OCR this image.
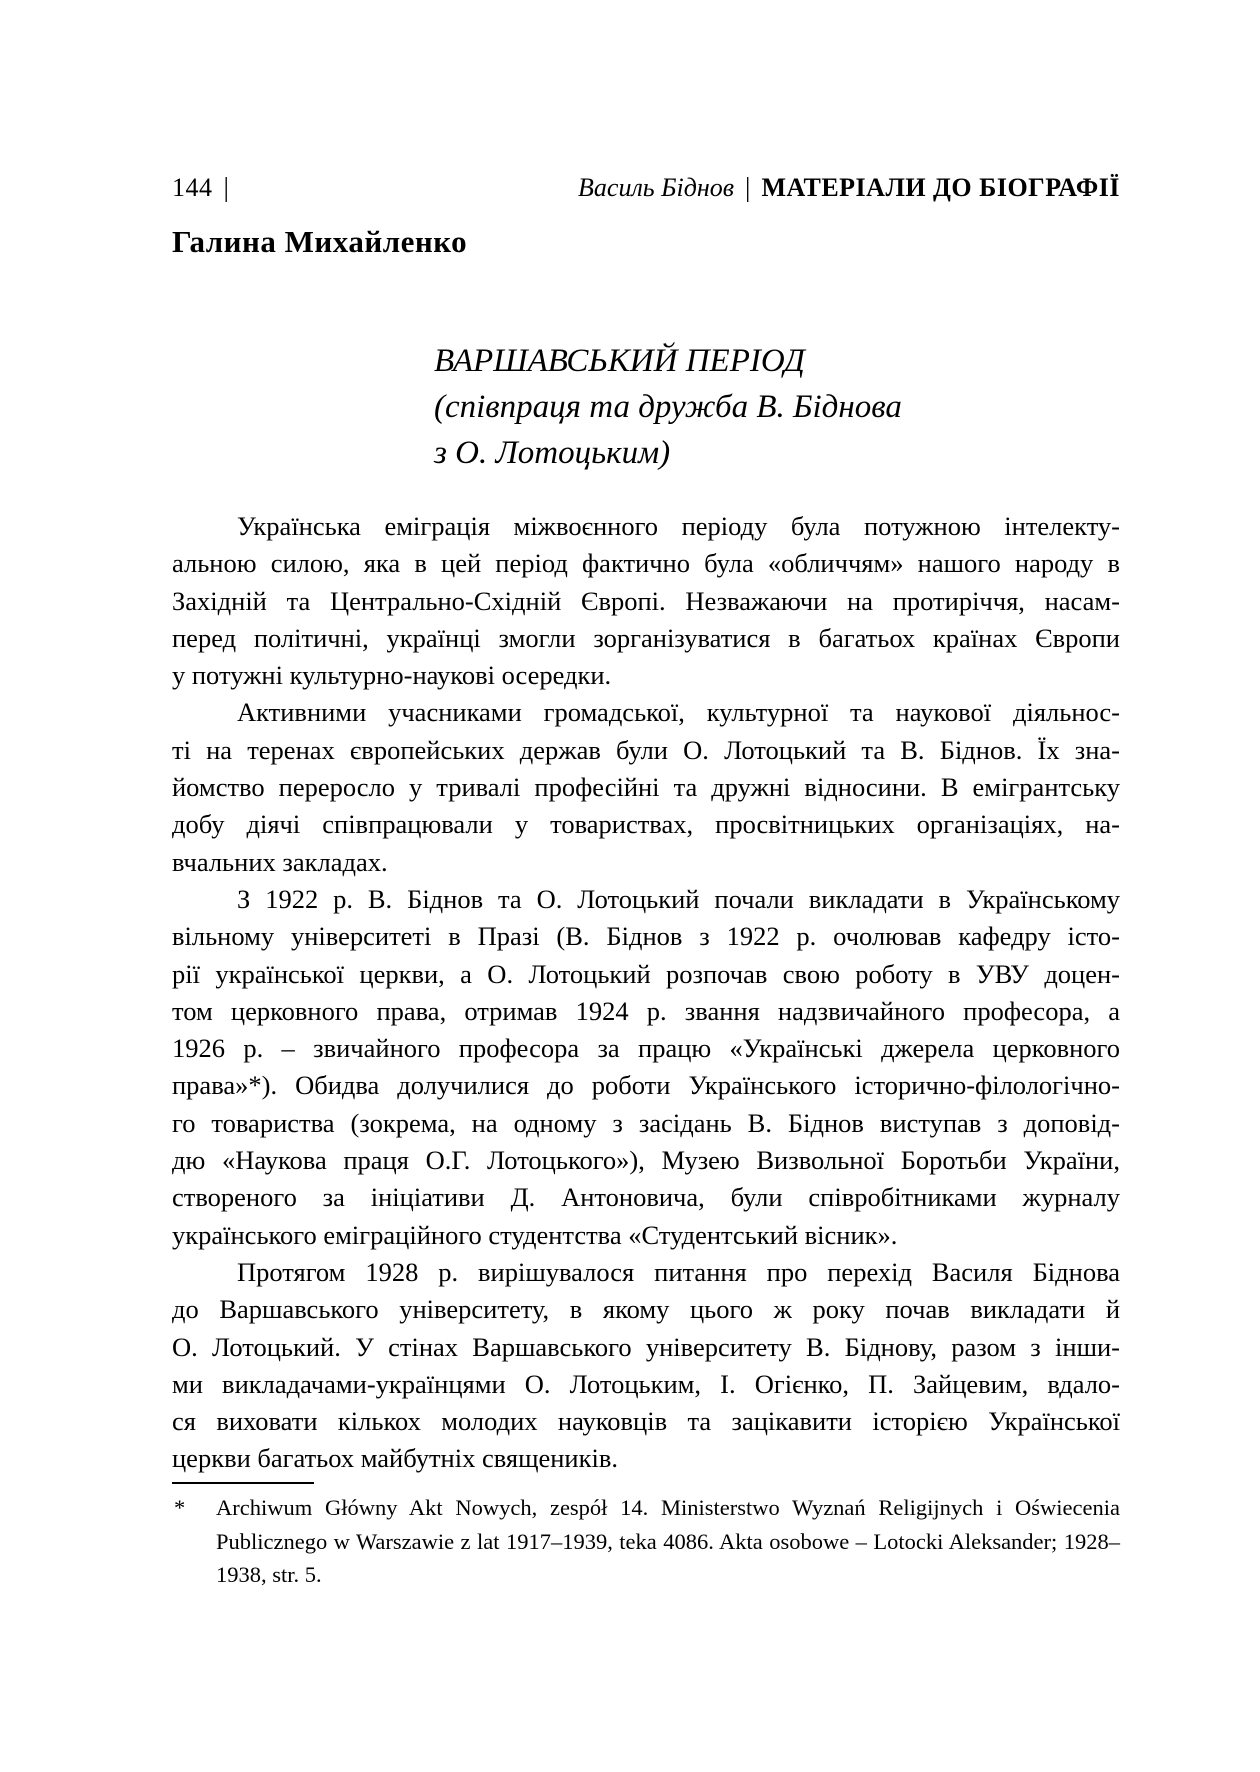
144 |	Василь Біднов | МАТЕРІАЛИ ДО БІОГРАФІЇ
Галина Михайленко
ВАРШАВСЬКИЙ ПЕРІОД
(співпраця та дружба В. Біднова
з О. Лотоцьким)
Українська еміграція міжвоєнного періоду була потужною інтелекту-
альною силою, яка в цей період фактично була «обличчям» нашого народу в
Західній та Центрально-Східній Європі. Незважаючи на протиріччя, насам-
перед політичні, українці змогли зорганізуватися в багатьох країнах Європи
у потужні культурно-наукові осередки.
Активними учасниками громадської, культурної та наукової діяльнос-
ті на теренах європейських держав були О. Лотоцький та В. Біднов. Їх зна-
йомство переросло у тривалі професійні та дружні відносини. В емігрантську
добу діячі співпрацювали у товариствах, просвітницьких організаціях, на-
вчальних закладах.
З 1922 р. В. Біднов та О. Лотоцький почали викладати в Українському
вільному університеті в Празі (В. Біднов з 1922 р. очолював кафедру істо-
рії української церкви, а О. Лотоцький розпочав свою роботу в УВУ доцен-
том церковного права, отримав 1924 р. звання надзвичайного професора, а
1926 р. – звичайного професора за працю «Українські джерела церковного
права»*). Обидва долучилися до роботи Українського історично-філологічно-
го товариства (зокрема, на одному з засідань В. Біднов виступав з доповід-
дю «Наукова праця О.Г. Лотоцького»), Музею Визвольної Боротьби України,
створеного за ініціативи Д. Антоновича, були співробітниками журналу
українського еміграційного студентства «Студентський вісник».
Протягом 1928 р. вирішувалося питання про перехід Василя Біднова
до Варшавського університету, в якому цього ж року почав викладати й
О. Лотоцький. У стінах Варшавського університету В. Біднову, разом з інши-
ми викладачами-українцями О. Лотоцьким, І. Огієнко, П. Зайцевим, вдало-
ся виховати кількох молодих науковців та зацікавити історією Української
церкви багатьох майбутніх священиків.
* Archiwum Główny Akt Nowych, zespół 14. Ministerstwo Wyznań Religijnych i Oświecenia
Publicznego w Warszawie z lat 1917–1939, teka 4086. Akta osobowe – Lotocki Aleksander; 1928–
1938, str. 5.
